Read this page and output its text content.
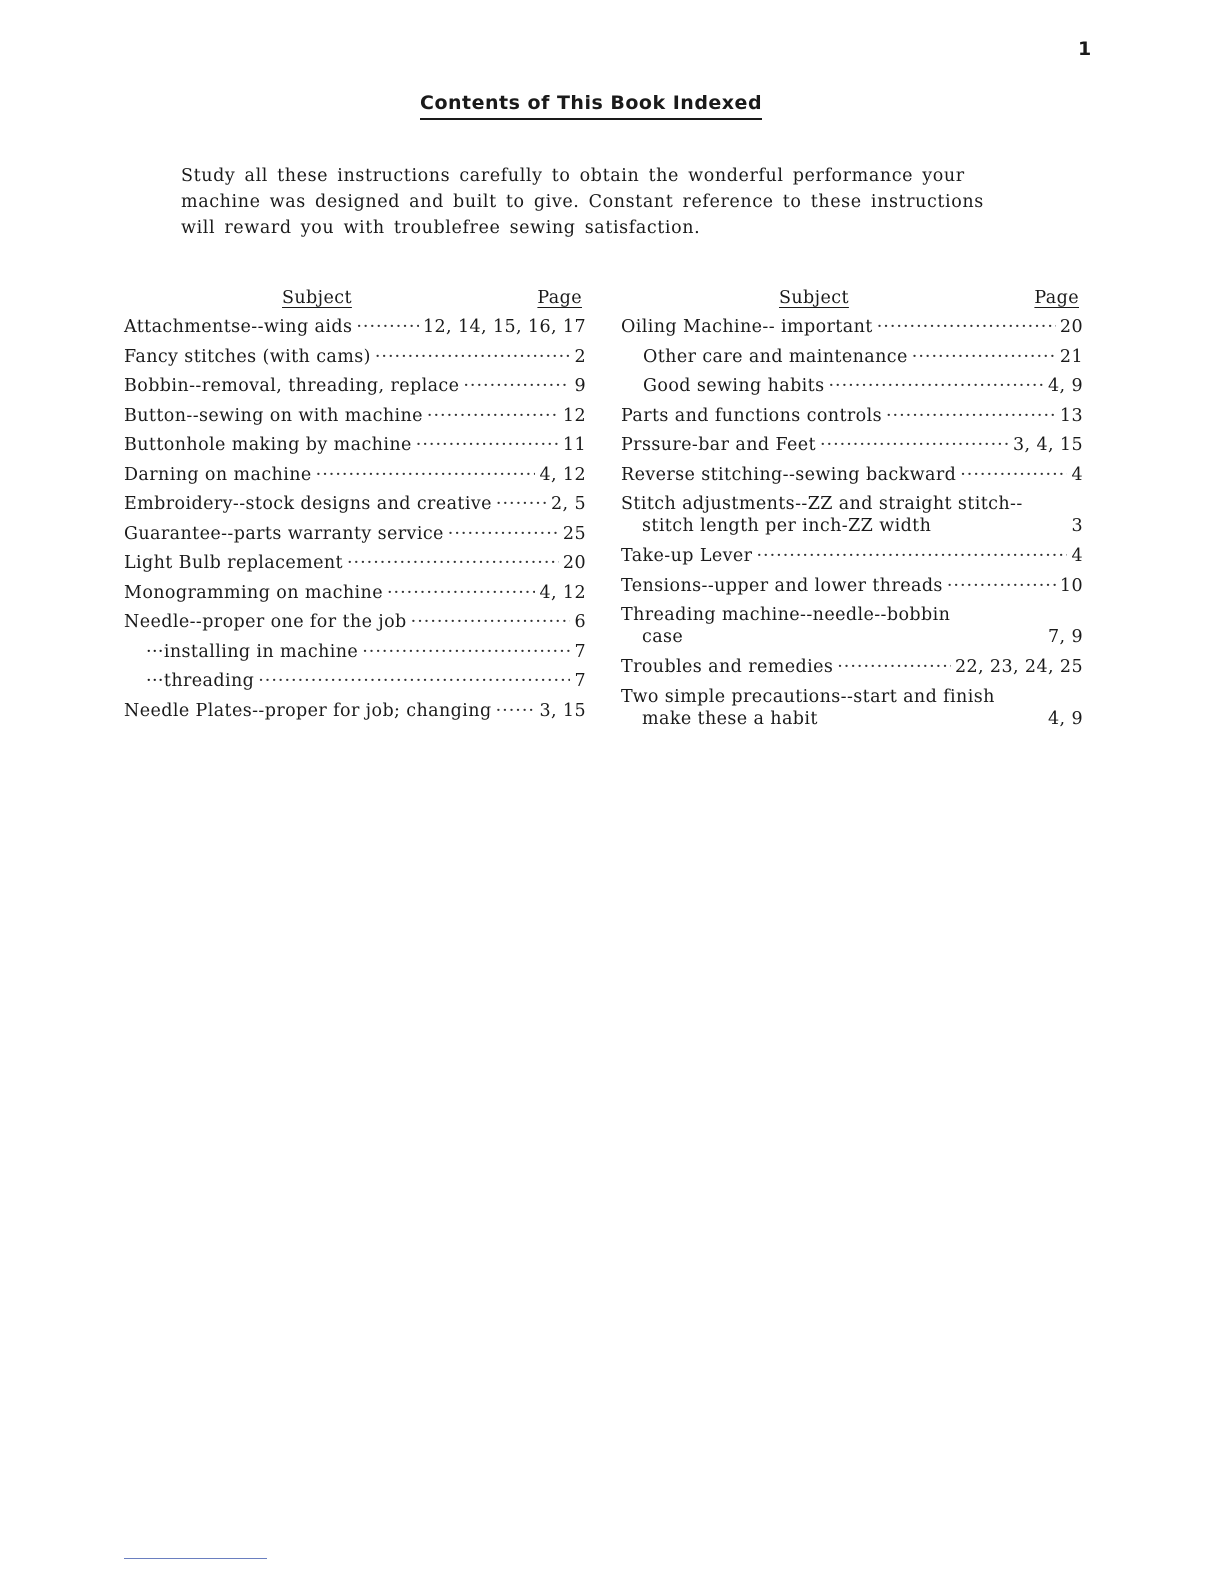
1
Contents of This Book Indexed
Study all these instructions carefully to obtain the wonderful performance your machine was designed and built to give. Constant reference to these instructions will reward you with troublefree sewing satisfaction.
Subject	Page
Attachmentse--wing aids ·····	12, 14, 15, 16, 17
Fancy stitches (with cams) ·····	2
Bobbin--removal, threading, replace ·····	9
Button--sewing on with machine ·····	12
Buttonhole making by machine ·····	11
Darning on machine ·····	4, 12
Embroidery--stock designs and creative ·····	2, 5
Guarantee--parts warranty service ·····	25
Light Bulb replacement ·····	20
Monogramming on machine ·····	4, 12
Needle--proper one for the job ·····	6
···installing in machine ·····	7
···threading ·····	7
Needle Plates--proper for job; changing ·····	3, 15
Subject	Page
Oiling Machine-- important ·····	20
Other care and maintenance ·····	21
Good sewing habits ·····	4, 9
Parts and functions controls ·····	13
Prssure-bar and Feet ·····	3, 4, 15
Reverse stitching--sewing backward ·····	4
Stitch adjustments--ZZ and straight stitch--
stitch length per inch-ZZ width	3
Take-up Lever ·····	4
Tensions--upper and lower threads ·····	10
Threading machine--needle--bobbin
case	7, 9
Troubles and remedies ·····	22, 23, 24, 25
Two simple precautions--start and finish
make these a habit	4, 9
